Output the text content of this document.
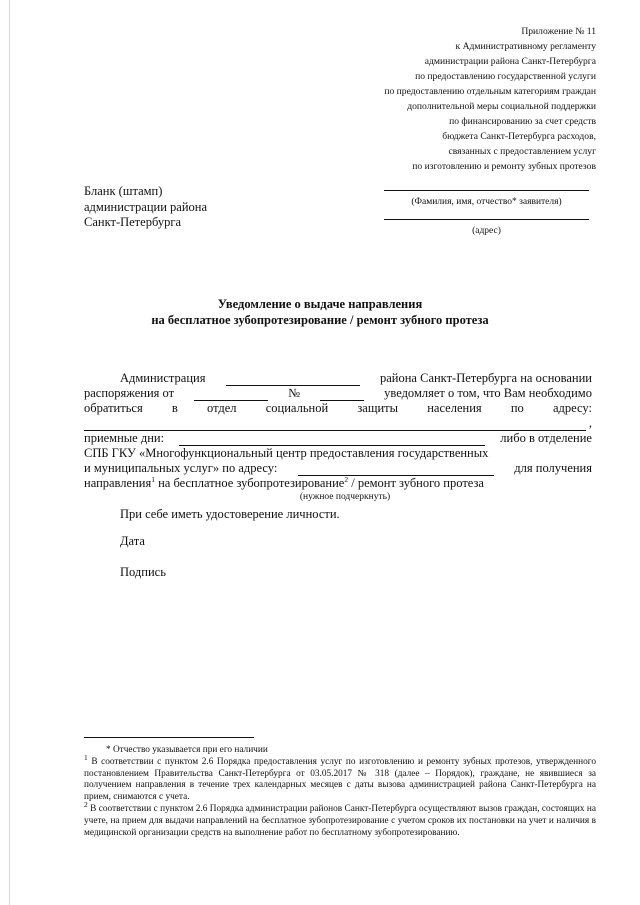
Приложение № 11
к Административному регламенту
администрации района Санкт-Петербурга
по предоставлению государственной услуги
по предоставлению отдельным категориям граждан
дополнительной меры социальной поддержки
по финансированию за счет средств
бюджета Санкт-Петербурга расходов,
связанных с предоставлением услуг
по изготовлению и ремонту зубных протезов
Бланк (штамп)
администрации района
Санкт-Петербурга
(Фамилия, имя, отчество* заявителя)
(адрес)
Уведомление о выдаче направления
на бесплатное зубопротезирование / ремонт зубного протеза
Администрация	района Санкт-Петербурга на основании
распоряжения от	№	уведомляет о том, что Вам необходимо
обратиться в отдел социальной защиты населения по адресу:
,
приемные дни:	либо в отделение
СПБ ГКУ «Многофункциональный центр предоставления государственных
и муниципальных услуг» по адресу:	для получения
направления$^1$ на бесплатное зубопротезирование$^2$ / ремонт зубного протеза
(нужное подчеркнуть)
При себе иметь удостоверение личности.
Дата
Подпись

* Отчество указывается при его наличии

$^1$ В соответствии с пунктом 2.6 Порядка предоставления услуг по изготовлению и ремонту зубных протезов, утвержденного постановлением Правительства Санкт-Петербурга от 03.05.2017 № 318 (далее – Порядок), граждане, не явившиеся за получением направления в течение трех календарных месяцев с даты вызова администрацией района Санкт-Петербурга на прием, снимаются с учета.

$^2$ В соответствии с пунктом 2.6 Порядка администрации районов Санкт-Петербурга осуществляют вызов граждан, состоящих на учете, на прием для выдачи направлений на бесплатное зубопротезирование с учетом сроков их постановки на учет и наличия в медицинской организации средств на выполнение работ по бесплатному зубопротезированию.
